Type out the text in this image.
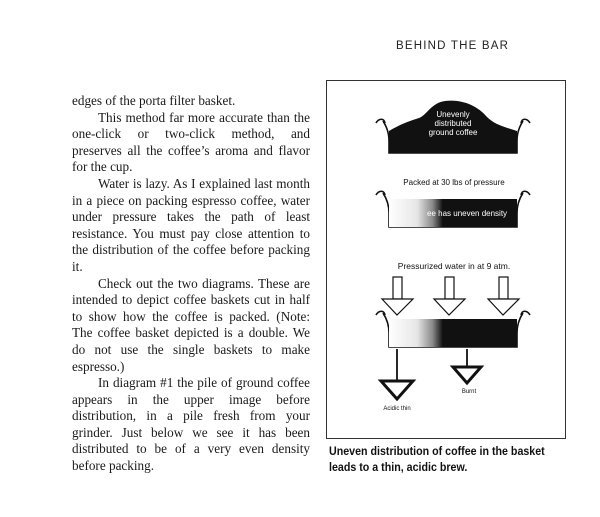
BEHIND THE BAR

edges of the porta filter basket.

This method far more accurate than the one-click or two-click method, and preserves all the coffee’s aroma and flavor for the cup.

Water is lazy. As I explained last month in a piece on packing espresso coffee, water under pressure takes the path of least resistance. You must pay close attention to the distribution of the coffee before packing it.

Check out the two diagrams. These are intended to depict coffee baskets cut in half to show how the coffee is packed. (Note: The coffee basket depicted is a double. We do not use the single baskets to make espresso.)

In diagram #1 the pile of ground coffee appears in the upper image before distribution, in a pile fresh from your grinder. Just below we see it has been distributed to be of a very even density before packing.

Unevenly
distributed
ground coffee
Packed at 30 lbs of pressure
ee has uneven density
Pressurized water in at 9 atm.
Acidic thin
Burnt
Uneven distribution of coffee in the basket
leads to a thin, acidic brew.
